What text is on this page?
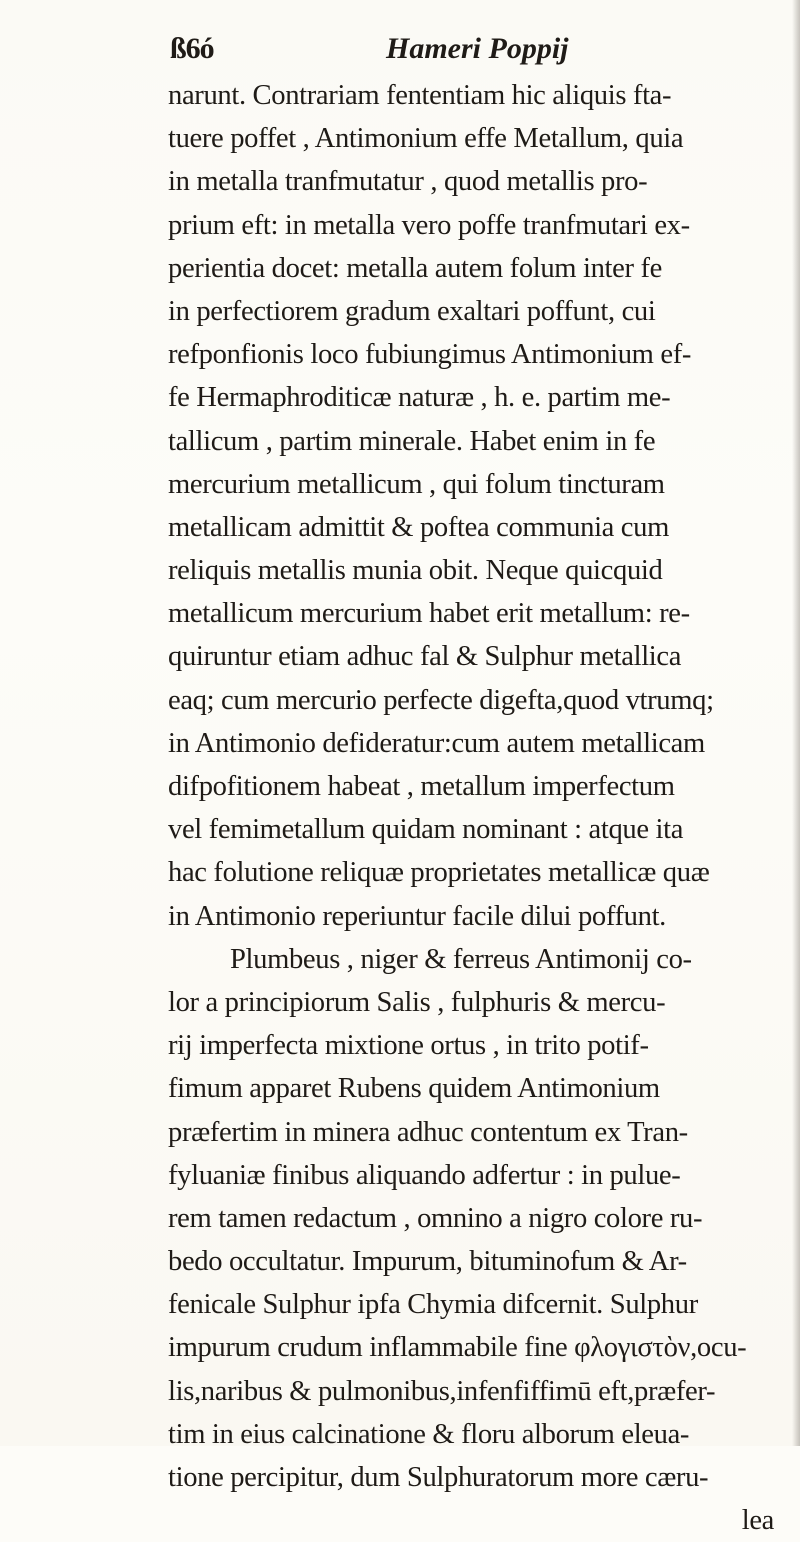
ß6ó	Hameri Poppij
narunt. Contrariam fententiam hic aliquis fta-
tuere poffet , Antimonium effe Metallum, quia
in metalla tranfmutatur , quod metallis pro-
prium eft: in metalla vero poffe tranfmutari ex-
perientia docet: metalla autem folum inter fe
in perfectiorem gradum exaltari poffunt, cui
refponfionis loco fubiungimus Antimonium ef-
fe Hermaphroditicæ naturæ , h. e. partim me-
tallicum , partim minerale. Habet enim in fe
mercurium metallicum , qui folum tincturam
metallicam admittit & poftea communia cum
reliquis metallis munia obit. Neque quicquid
metallicum mercurium habet erit metallum: re-
quiruntur etiam adhuc fal & Sulphur metallica
eaq; cum mercurio perfecte digefta,quod vtrumq;
in Antimonio defideratur:cum autem metallicam
difpofitionem habeat , metallum imperfectum
vel femimetallum quidam nominant : atque ita
hac folutione reliquæ proprietates metallicæ quæ
in Antimonio reperiuntur facile dilui poffunt.
Plumbeus , niger & ferreus Antimonij co-
lor a principiorum Salis , fulphuris & mercu-
rij imperfecta mixtione ortus , in trito potif-
fimum apparet Rubens quidem Antimonium
præfertim in minera adhuc contentum ex Tran-
fyluaniæ finibus aliquando adfertur : in pulue-
rem tamen redactum , omnino a nigro colore ru-
bedo occultatur. Impurum, bituminofum & Ar-
fenicale Sulphur ipfa Chymia difcernit. Sulphur
impurum crudum inflammabile fine φλογιστὸν,ocu-
lis,naribus & pulmonibus,infenfiffimū eft,præfer-
tim in eius calcinatione & floru alborum eleua-
tione percipitur, dum Sulphuratorum more cæru-
lea
